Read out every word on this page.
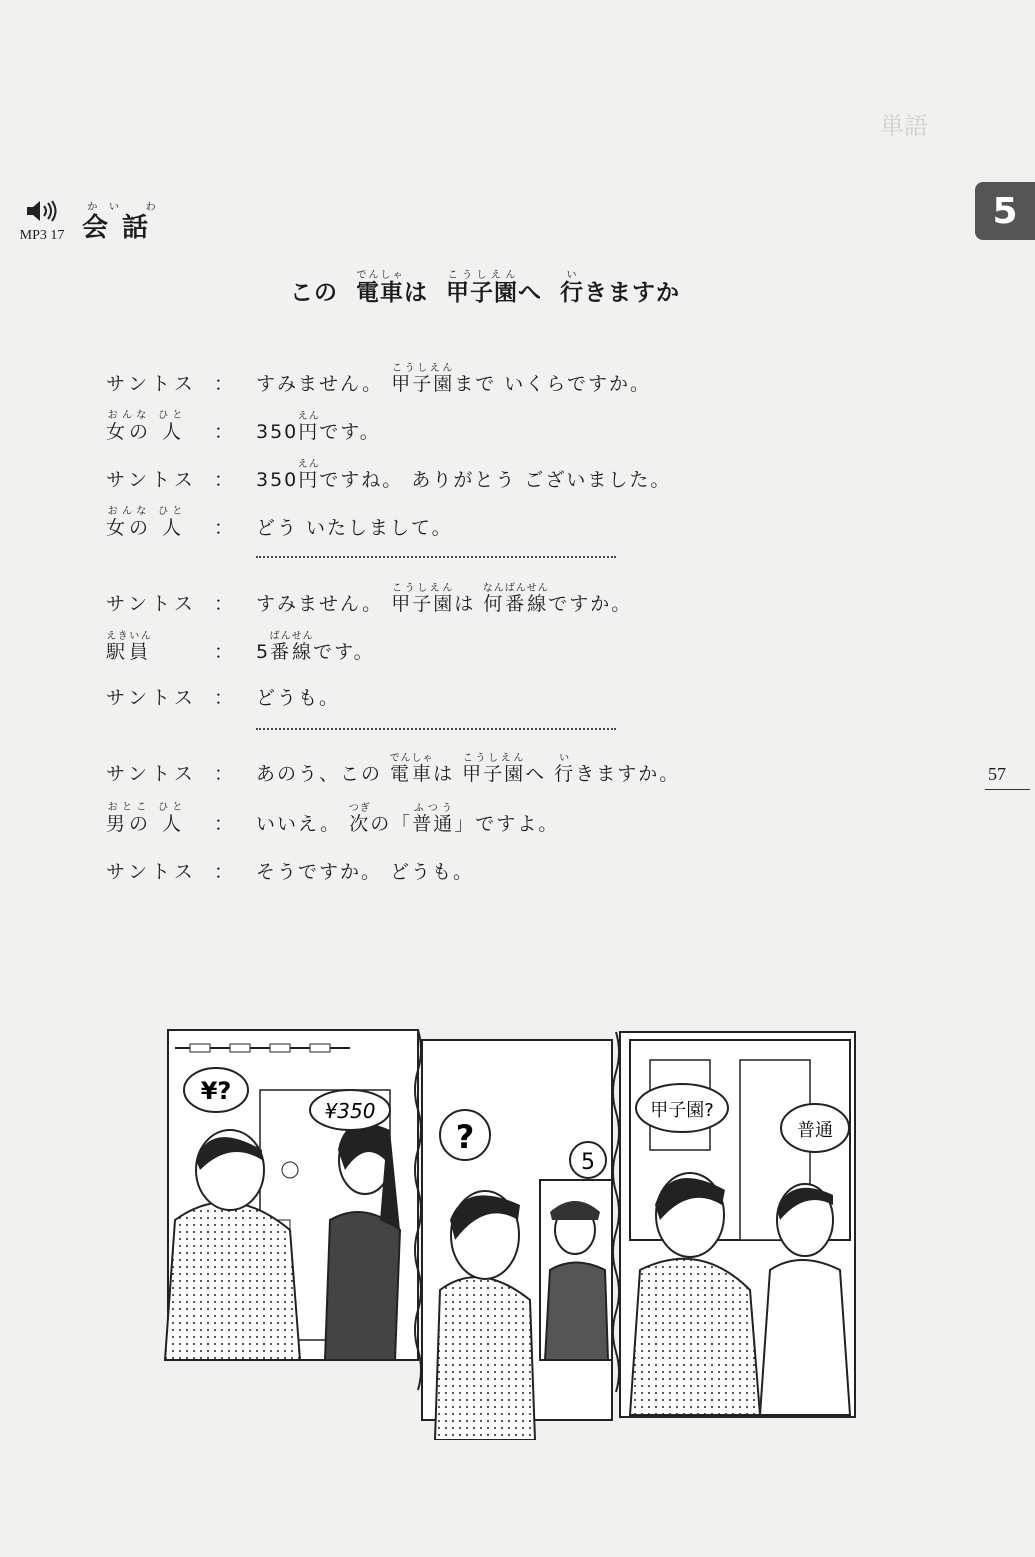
単語
5
57
MP3 17 会話かい わ
この 電車でんしゃは 甲子園こうしえんへ 行いきますか
サントス ： すみません。 甲子園こうしえんまで いくらですか。
女の 人おんな ひと
： 350円えんです。
サントス ： 350円えんですね。 ありがとう ございました。
女の 人おんな ひと
： どう いたしまして。
サントス ： すみません。 甲子園こうしえんは 何番線なんばんせんですか。
駅員えきいん
： 5番線ばんせんです。
サントス ： どうも。
サントス ： あのう、この 電車でんしゃは 甲子園こうしえんへ 行いきますか。
男の 人おとこ ひと
： いいえ。 次つぎの「普通ふつう」ですよ。
サントス ： そうですか。 どうも。
¥?
¥350
?
5
甲子園?
普通
